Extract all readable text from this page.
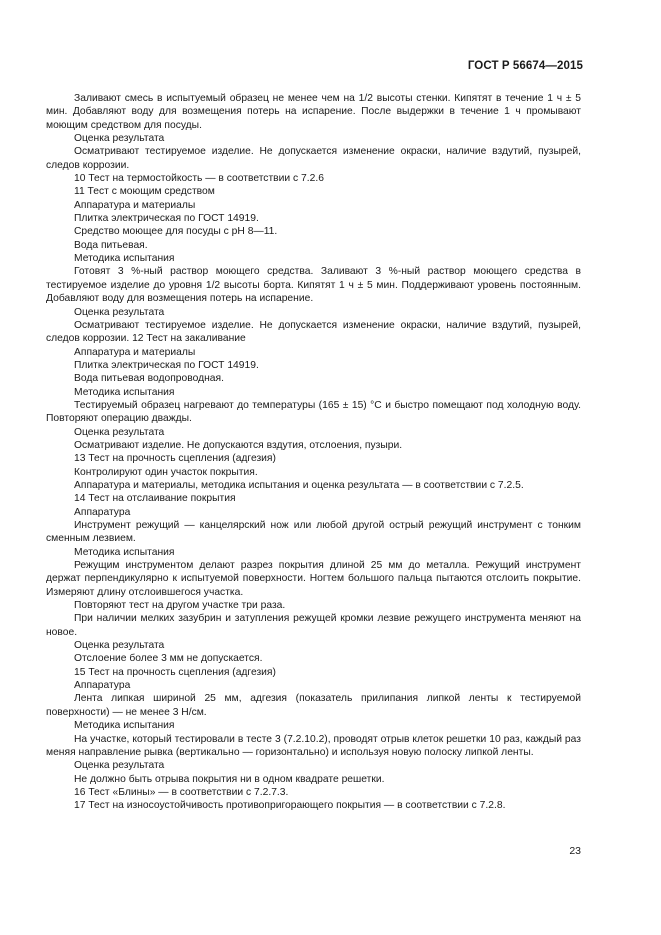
ГОСТ Р 56674—2015

Заливают смесь в испытуемый образец не менее чем на 1/2 высоты стенки. Кипятят в течение 1 ч ± 5 мин. Добавляют воду для возмещения потерь на испарение. После выдержки в течение 1 ч промывают моющим средством для посуды.

Оценка результата

Осматривают тестируемое изделие. Не допускается изменение окраски, наличие вздутий, пузырей, следов коррозии.

10 Тест на термостойкость — в соответствии с 7.2.6

11 Тест с моющим средством

Аппаратура и материалы

Плитка электрическая по ГОСТ 14919.

Средство моющее для посуды с рН 8—11.

Вода питьевая.

Методика испытания

Готовят 3 %-ный раствор моющего средства. Заливают 3 %-ный раствор моющего средства в тестируемое изделие до уровня 1/2 высоты борта. Кипятят 1 ч ± 5 мин. Поддерживают уровень постоянным. Добавляют воду для возмещения потерь на испарение.

Оценка результата

Осматривают тестируемое изделие. Не допускается изменение окраски, наличие вздутий, пузырей, следов коррозии. 12 Тест на закаливание

Аппаратура и материалы

Плитка электрическая по ГОСТ 14919.

Вода питьевая водопроводная.

Методика испытания

Тестируемый образец нагревают до температуры (165 ± 15) °С и быстро помещают под холодную воду. Повторяют операцию дважды.

Оценка результата

Осматривают изделие. Не допускаются вздутия, отслоения, пузыри.

13 Тест на прочность сцепления (адгезия)

Контролируют один участок покрытия.

Аппаратура и материалы, методика испытания и оценка результата — в соответствии с 7.2.5.

14 Тест на отслаивание покрытия

Аппаратура

Инструмент режущий — канцелярский нож или любой другой острый режущий инструмент с тонким сменным лезвием.

Методика испытания

Режущим инструментом делают разрез покрытия длиной 25 мм до металла. Режущий инструмент держат перпендикулярно к испытуемой поверхности. Ногтем большого пальца пытаются отслоить покрытие. Измеряют длину отслоившегося участка.

Повторяют тест на другом участке три раза.

При наличии мелких зазубрин и затупления режущей кромки лезвие режущего инструмента меняют на новое.

Оценка результата

Отслоение более 3 мм не допускается.

15 Тест на прочность сцепления (адгезия)

Аппаратура

Лента липкая шириной 25 мм, адгезия (показатель прилипания липкой ленты к тестируемой поверхности) — не менее 3 Н/см.

Методика испытания

На участке, который тестировали в тесте 3 (7.2.10.2), проводят отрыв клеток решетки 10 раз, каждый раз меняя направление рывка (вертикально — горизонтально) и используя новую полоску липкой ленты.

Оценка результата

Не должно быть отрыва покрытия ни в одном квадрате решетки.

16 Тест «Блины» — в соответствии с 7.2.7.3.

17 Тест на износоустойчивость противопригорающего покрытия — в соответствии с 7.2.8.

23
